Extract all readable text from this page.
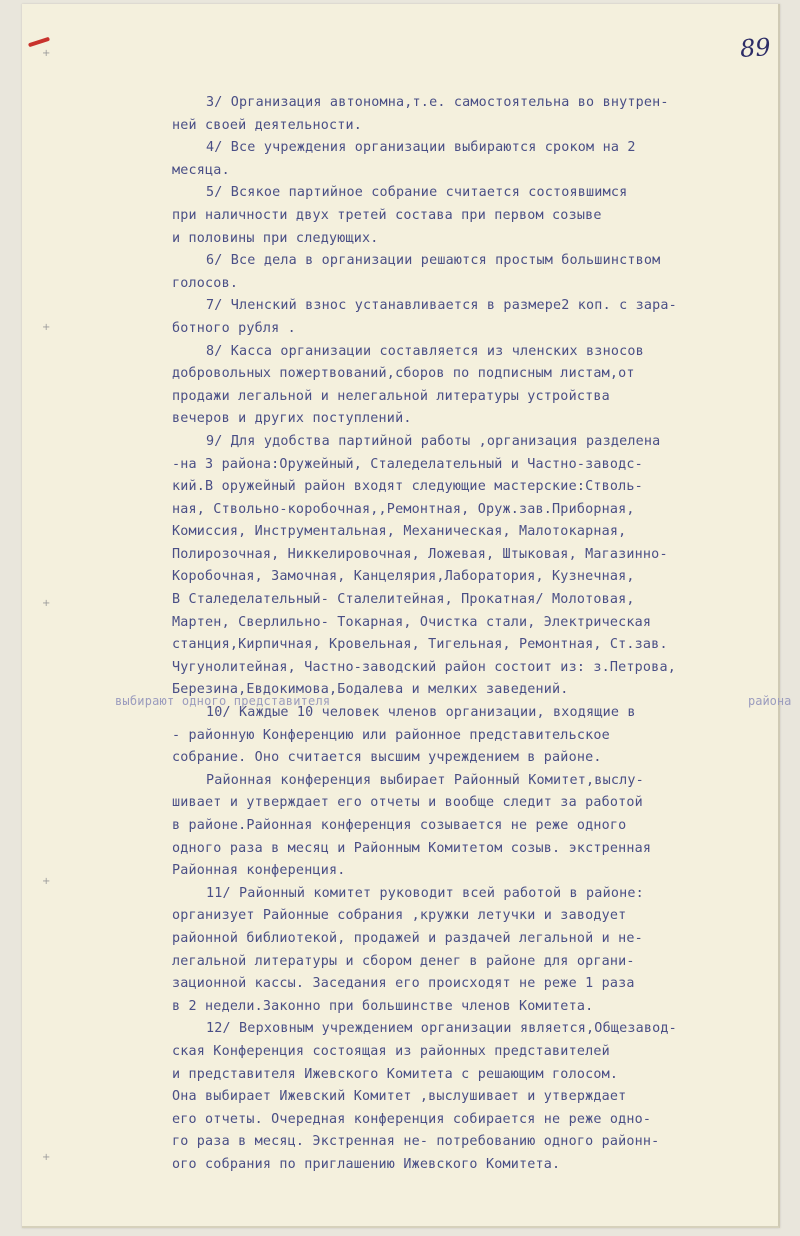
89
+
+
+
+
+
3/ Организация автономна,т.е. самостоятельна во внутрен-
ней своей деятельности.
4/ Все учреждения организации выбираются сроком на 2
месяца.
5/ Всякое партийное собрание считается состоявшимся
при наличности двух третей состава при первом созыве
и половины при следующих.
6/ Все дела в организации решаются простым большинством
голосов.
7/ Членский взнос устанавливается в размере2 коп. с зара-
ботного рубля .
8/ Касса организации составляется из членских взносов
добровольных пожертвований,сборов по подписным листам,от
продажи легальной и нелегальной литературы устройства
вечеров и других поступлений.
9/ Для удобства партийной работы ,организация разделена
-на 3 района:Оружейный, Сталеделательный и Частно-заводс-
кий.В оружейный район входят следующие мастерские:Стволь-
ная, Ствольно-коробочная,,Ремонтная, Оруж.зав.Приборная,
Комиссия, Инструментальная, Механическая, Малотокарная,
Полирозочная, Никкелировочная, Ложевая, Штыковая, Магазинно-
Коробочная, Замочная, Канцелярия,Лаборатория, Кузнечная,
В Сталеделательный- Сталелитейная, Прокатная/ Молотовая,
Мартен, Сверлильно- Токарная, Очистка стали, Электрическая
станция,Кирпичная, Кровельная, Тигельная, Ремонтная, Ст.зав.
Чугунолитейная, Частно-заводский район состоит из: з.Петрова,
Березина,Евдокимова,Бодалева и мелких заведений.
10/ Каждые 10 человек членов организации, входящие в
- районную Конференцию или районное представительское
собрание. Оно считается высшим учреждением в районе.
Районная конференция выбирает Районный Комитет,выслу-
шивает и утверждает его отчеты и вообще следит за работой
в районе.Районная конференция созывается не реже одного
одного раза в месяц и Районным Комитетом созыв. экстренная
Районная конференция.
11/ Районный комитет руководит всей работой в районе:
организует Районные собрания ,кружки летучки и заводует
районной библиотекой, продажей и раздачей легальной и не-
легальной литературы и сбором денег в районе для органи-
зационной кассы. Заседания его происходят не реже 1 раза
в 2 недели.Законно при большинстве членов Комитета.
12/ Верховным учреждением организации является,Общезавод-
ская Конференция состоящая из районных представителей
и представителя Ижевского Комитета с решающим голосом.
Она выбирает Ижевский Комитет ,выслушивает и утверждает
его отчеты. Очередная конференция собирается не реже одно-
го раза в месяц. Экстренная не- потребованию одного районн-
ого собрания по приглашению Ижевского Комитета.
выбирают одного представителя	района
